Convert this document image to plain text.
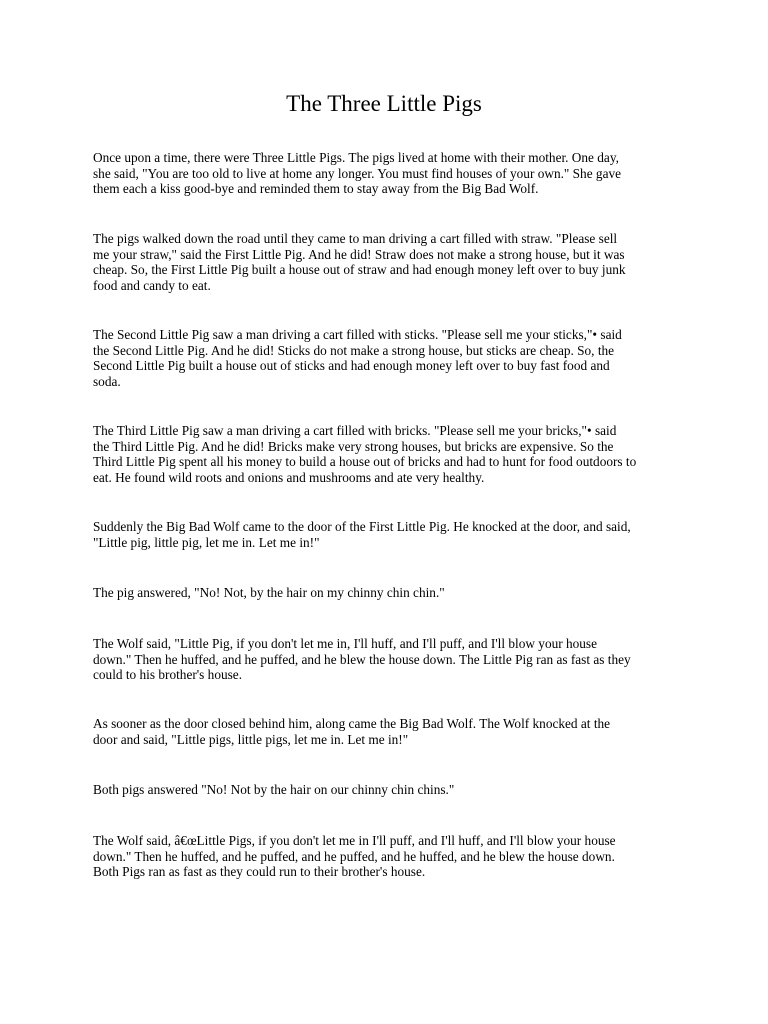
The Three Little Pigs

Once upon a time, there were Three Little Pigs. The pigs lived at home with their mother. One day,
she said, "You are too old to live at home any longer. You must find houses of your own." She gave
them each a kiss good-bye and reminded them to stay away from the Big Bad Wolf.

The pigs walked down the road until they came to man driving a cart filled with straw. "Please sell
me your straw," said the First Little Pig. And he did! Straw does not make a strong house, but it was
cheap. So, the First Little Pig built a house out of straw and had enough money left over to buy junk
food and candy to eat.

The Second Little Pig saw a man driving a cart filled with sticks. "Please sell me your sticks,"• said
the Second Little Pig. And he did! Sticks do not make a strong house, but sticks are cheap. So, the
Second Little Pig built a house out of sticks and had enough money left over to buy fast food and
soda.

The Third Little Pig saw a man driving a cart filled with bricks. "Please sell me your bricks,"• said
the Third Little Pig. And he did! Bricks make very strong houses, but bricks are expensive. So the
Third Little Pig spent all his money to build a house out of bricks and had to hunt for food outdoors to
eat. He found wild roots and onions and mushrooms and ate very healthy.

Suddenly the Big Bad Wolf came to the door of the First Little Pig. He knocked at the door, and said,
"Little pig, little pig, let me in. Let me in!"

The pig answered, "No! Not, by the hair on my chinny chin chin."

The Wolf said, "Little Pig, if you don't let me in, I'll huff, and I'll puff, and I'll blow your house
down." Then he huffed, and he puffed, and he blew the house down. The Little Pig ran as fast as they
could to his brother's house.

As sooner as the door closed behind him, along came the Big Bad Wolf. The Wolf knocked at the
door and said, "Little pigs, little pigs, let me in. Let me in!"

Both pigs answered "No! Not by the hair on our chinny chin chins."

The Wolf said, â€œLittle Pigs, if you don't let me in I'll puff, and I'll huff, and I'll blow your house
down." Then he huffed, and he puffed, and he puffed, and he huffed, and he blew the house down.
Both Pigs ran as fast as they could run to their brother's house.
